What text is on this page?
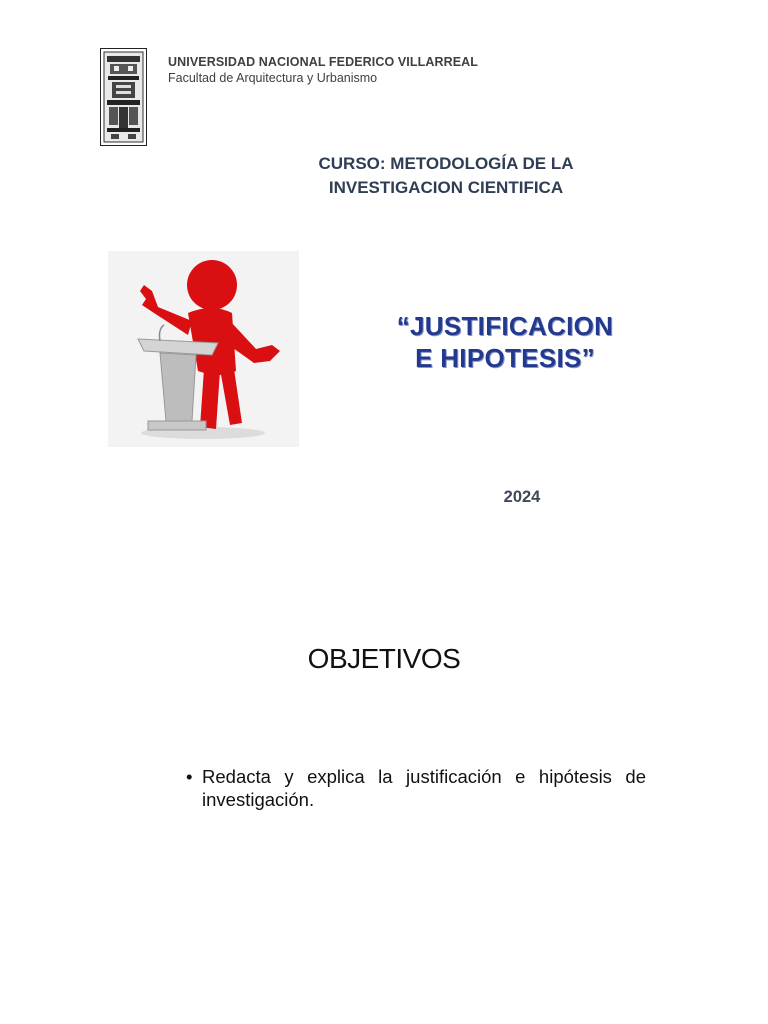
UNIVERSIDAD NACIONAL FEDERICO VILLARREAL
Facultad de Arquitectura y Urbanismo
CURSO: METODOLOGÍA DE LA
INVESTIGACION CIENTIFICA
“JUSTIFICACION
E HIPOTESIS”
2024
OBJETIVOS
• Redacta y explica la justificación e hipótesis de investigación.
